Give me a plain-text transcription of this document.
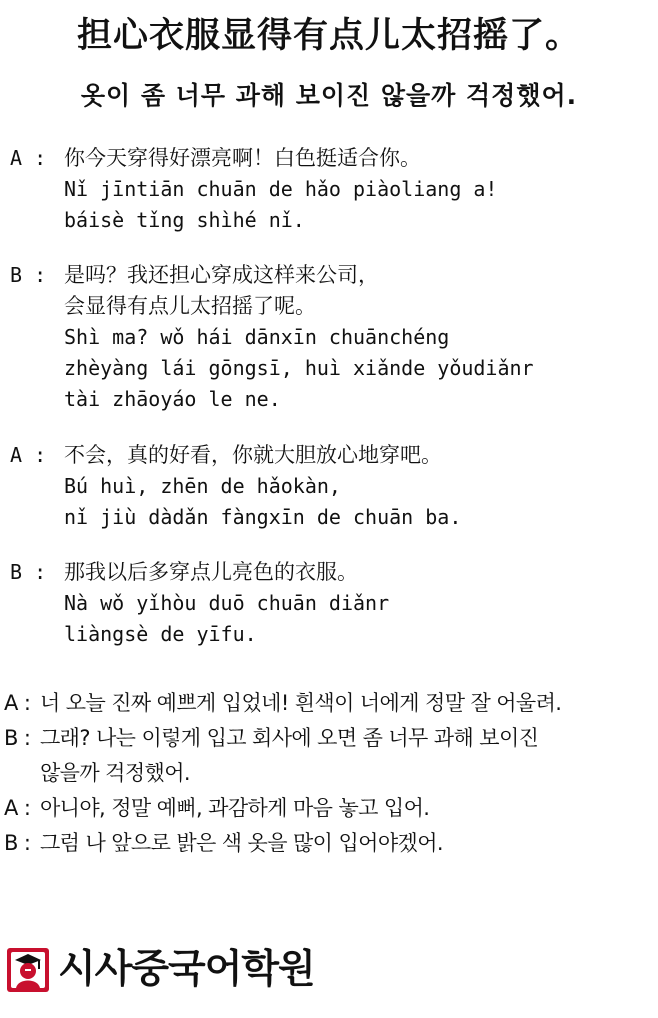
担心衣服显得有点儿太招摇了。
옷이 좀 너무 과해 보이진 않을까 걱정했어.
A : 你今天穿得好漂亮啊！白色挺适合你。
Nǐ jīntiān chuān de hǎo piàoliang a!
báisè tǐng shìhé nǐ.
B : 是吗？我还担心穿成这样来公司，
会显得有点儿太招摇了呢。
Shì ma? wǒ hái dānxīn chuānchéng
zhèyàng lái gōngsī, huì xiǎnde yǒudiǎnr
tài zhāoyáo le ne.
A : 不会，真的好看，你就大胆放心地穿吧。
Bú huì, zhēn de hǎokàn,
nǐ jiù dàdǎn fàngxīn de chuān ba.
B : 那我以后多穿点儿亮色的衣服。
Nà wǒ yǐhòu duō chuān diǎnr
liàngsè de yīfu.
A : 너 오늘 진짜 예쁘게 입었네! 흰색이 너에게 정말 잘 어울려.
B : 그래? 나는 이렇게 입고 회사에 오면 좀 너무 과해 보이진
않을까 걱정했어.
A : 아니야, 정말 예뻐, 과감하게 마음 놓고 입어.
B : 그럼 나 앞으로 밝은 색 옷을 많이 입어야겠어.
시사중국어학원
